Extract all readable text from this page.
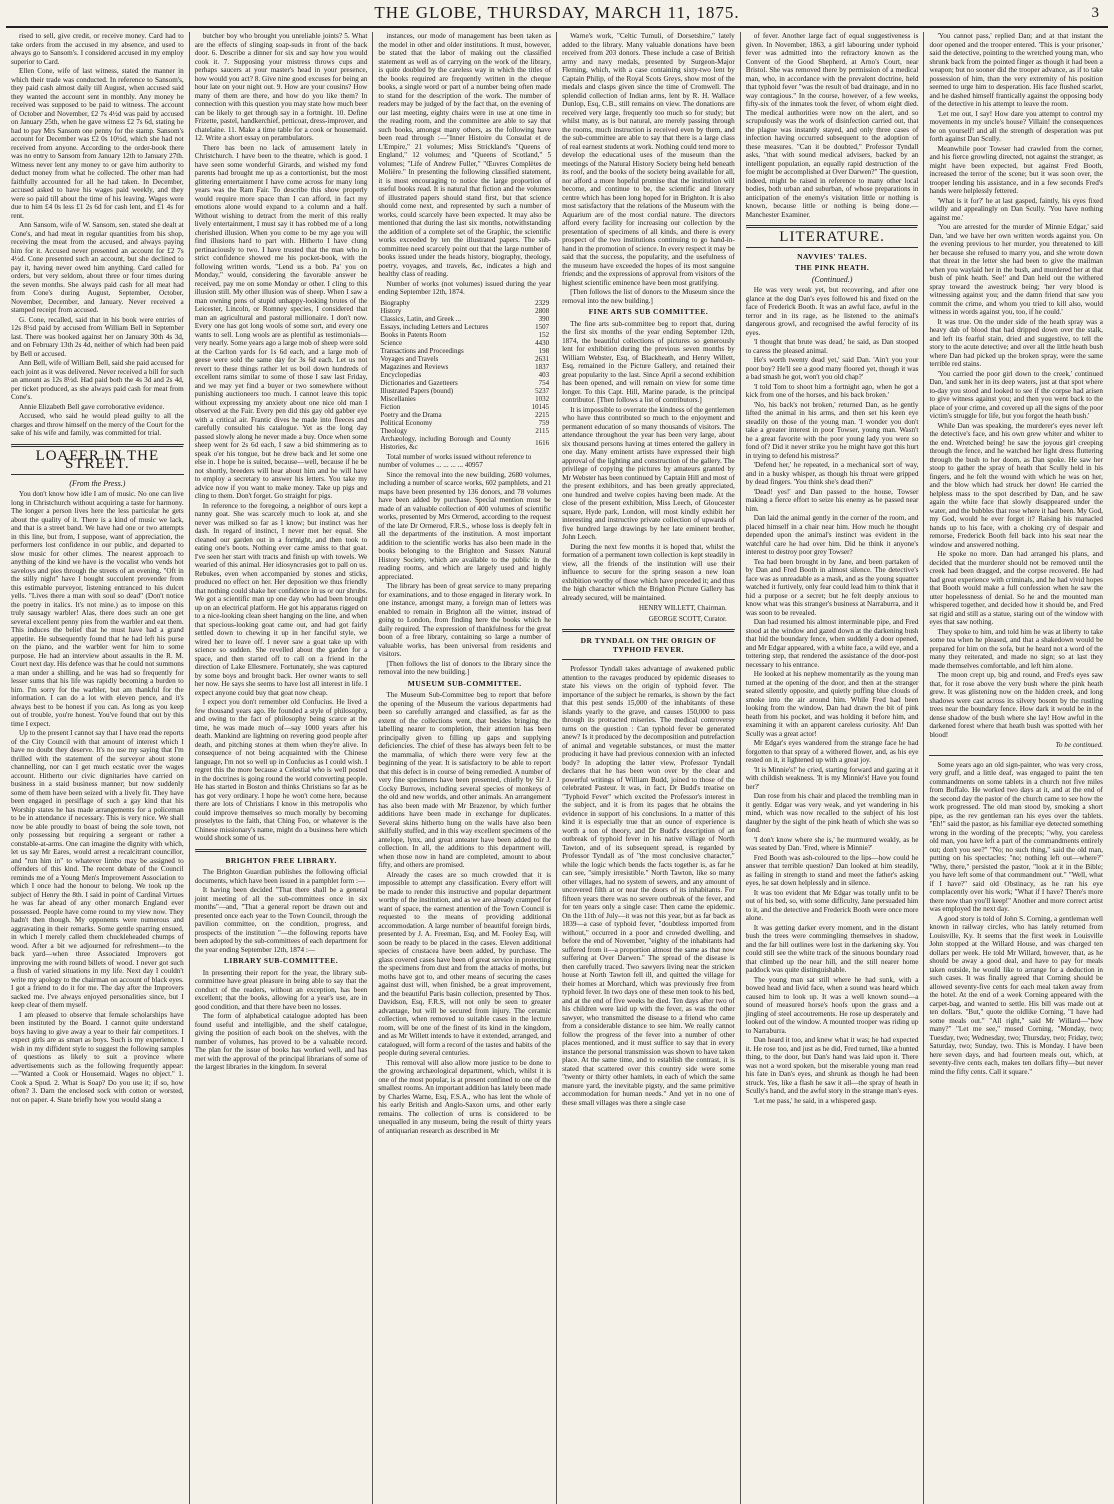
THE GLOBE, THURSDAY, MARCH 11, 1875.	3

rised to sell, give credit, or receive money. Card had to take orders from the accused in my absence, and used to always go to Sansom's. I considered accused in my employ superior to Card.

Ellen Cone, wife of last witness, stated the manner in which their trade was conducted. In reference to Sansom's, they paid cash almost daily till August, when accused said they wanted the account sent in monthly. Any money he received was supposed to be paid to witness. The account of October and November, £2 7s 4½d was paid by accused on January 25th, when he gave witness £2 7s 6d, stating he had to pay Mrs Sansom one penny for the stamp. Sansom's account for December was £2 0s 10½d, which she had not received from anyone. According to the order-book there was no entry to Sansom from January 12th to January 27th. Witness never lent any money to or gave him authority to deduct money from what he collected. The other man had faithfully accounted for all he had taken. In December, accused asked to have his wages paid weekly, and they were so paid till about the time of his leaving. Wages were due to him £4 0s less £1 2s 6d for cash lent, and £1 4s for rent.

Ann Sansom, wife of W. Sansom, sen. stated she dealt at Cone's, and had meat in regular quantities from his shop, receiving the meat from the accused, and always paying him for it. Accused never presented an account for £2 7s 4½d. Cone presented such an account, but she declined to pay it, having never owed him anything. Card called for orders, but very seldom, about three or four times during the seven months. She always paid cash for all meat had from Cone's during August, September, October, November, December, and January. Never received a stamped receipt from accused.

G. Cone, recalled, said that in his book were entries of 12s 8½d paid by accused from William Bell in September last. There was booked against her on January 30th 4s 3d, and on February 13th 2s 4d, neither of which had been paid by Bell or accused.

Ann Bell, wife of William Bell, said she paid accused for each joint as it was delivered. Never received a bill for such an amount as 12s 8½d. Had paid both the 4s 3d and 2s 4d, per ticket produced, as she always paid cash for meat from Cone's.

Annie Elizabeth Bell gave corroborative evidence.

Accused, who said he would plead guilty to all the charges and throw himself on the mercy of the Court for the sake of his wife and family, was committed for trial.

LOAFER IN THE STREET.
(From the Press.)

You don't know how idle I am of music. No one can live long in Christchurch without acquiring a taste for harmony. The longer a person lives here the less particular he gets about the quality of it. There is a kind of music we lack, and that is a street band. We have had one or two attempts in this line, but from, I suppose, want of appreciation, the performers lost confidence in our public, and departed to slow music for other climes. The nearest approach to anything of the kind we have is the vocalist who vends hot saveloys and pies through the streets of an evening. "Oft in the stilly night" have I bought succulent provender from this estimable purveyor, listening entranced to his dulcet yells. "Lives there a man with soul so dead" (Don't notice the poetry in italics. It's not mine.) as to impose on this truly sausagy warbler! Alas, there does such an one get several excellent penny pies from the warbler and eat them. This induces the belief that he must have had a grand appetite. He subsequently found that he had left his purse on the piano, and the warbler went for him to some purpose. He had an interview about assaults in the R. M. Court next day. His defence was that he could not summons a man under a shilling, and he was had so frequently for lesser sums that his life was rapidly becoming a burden to him. I'm sorry for the warbler, but am thankful for the information. I can do a lot with eleven pence, and it's always best to be honest if you can. As long as you keep out of trouble, you're honest. You've found that out by this time I expect.

Up to the present I cannot say that I have read the reports of the City Council with that amount of interest which I have no doubt they deserve. It's no use my saying that I'm thrilled with the statement of the surveyor about stone channelling, nor can I get much ecstatic over the wages account. Hitherto our civic dignitaries have carried on business in a staid business manner; but now suddenly some of them have been seized with a lively fit. They have been engaged in persiflage of such a gay kind that his Worship states he has made arrangements for a policeman to be in attendance if necessary. This is very nice. We shall now be able proudly to boast of being the sole town, not only possessing but requiring a sergeant or rather a constable-at-arms. One can imagine the dignity with which, let us say Mr Eares, would arrest a recalcitrant councillor, and "run him in" to whatever limbo may be assigned to offenders of this kind. The recent debate of the Council reminds me of a Young Men's Improvement Association to which I once had the honour to belong. We took up the subject of Henry the 8th. I said in point of Cardinal Virtues he was far ahead of any other monarch England ever possessed. People have come round to my view now. They hadn't then though. My opponents were numerous and aggravating in their remarks. Some gentle sparring ensued, in which I merely called them chuckleheaded chumps of wood. After a bit we adjourned for refreshment—to the back yard—when three Associated Improvers got improving me with round billets of wood. I never got such a flush of varied situations in my life. Next day I couldn't write my apology to the chairman on account of black eyes. I got a friend to do it for me. The day after the Improvers sacked me. I've always enjoyed personalities since, but I keep clear of them myself.

I am pleased to observe that female scholarships have been instituted by the Board. I cannot quite understand boys having to give away a year to their fair competitors. I expect girls are as smart as boys. Such is my experience. I wish in my diffident style to suggest the following samples of questions as likely to suit a province where advertisements such as the following frequently appear:—"Wanted a Cook or Housemaid. Wages no object." 1. Cook a Spud. 2. What is Soap? Do you use it; if so, how often? 3. Darn the enclosed sock with cotton or worsted, not on paper. 4. State briefly how you would slang a

butcher boy who brought you unreliable joints? 5. What are the effects of slinging soap-suds in front of the back door. 6. Describe a dinner for six and say how you would cook it. 7. Supposing your mistress throws cups and perhaps saucers at your master's head in your presence, how would you act? 8. Give nine good excuses for being an hour late on your night out. 9. How are your cousins? How many of them are there, and how do you like them? In connection with this question you may state how much beer can be likely to get through say in a fortnight. 10. Define Frizette, pastel, handkerchief, petticoat, dress-improver, and chatelaine. 11. Make a time table for a cook or housemaid. 12. Write a short essay on perambulators.

There has been no lack of amusement lately in Christchurch. I have been to the theatre, which is good. I have seen some wonderful Girards, and wished my fond parents had brought me up as a contortionist, but the most glittering entertainment I have come across for many long years was the Ram Fair. To describe this show properly would require more space than I can afford, in fact my emotions alone would expand to a column and a half. Without wishing to detract from the merit of this really lively entertainment, I must say it has robbed me of a long cherished illusion. When you come to be my age you will find illusions hard to part with. Hitherto I have clung pertinaciously to two. I have trusted that the man who in strict confidence showed me his pocket-book, with the following written words, "Lend us a bob. Pa' you on Monday," would, considering the favorable answer he received, pay me on some Monday or other. I cling to this illusion still. My other illusion was of sheep. When I saw a man owning pens of stupid unhappy-looking brutes of the Leicester, Lincoln, or Romney species, I considered that man an agricultural and pastoral millionaire. I don't now. Every one has got long wools of some sort, and every one wants to sell. Long wools are as plentiful as testimonials—very nearly. Some years ago a large mob of sheep were sold at the Carlton yards for 1s 6d each, and a large mob of geese were sold the same day for 3s 6d each. Let us not revert to these things rather let us boil down hundreds of excellent rams similar to some of those I saw last Friday, and we may yet find a buyer or two somewhere without punishing auctioneers too much. I cannot leave this topic without expressing my anxiety about one nice old man I observed at the Fair. Every pen did this gay old gabber eye with a critical air. Frantic dives he made into fleeces and carefully consulted his catalogue. Yet as the long day passed slowly along he never made a buy. Once when some sheep went for 2s 6d each, I saw a bid shimmering as to speak o'er his tongue, but he drew back and let some one else in. I hope he is suited, because—well, because if he be not shortly, breeders will hear about him and he will have to employ a secretary to answer his letters. You take my advice now if you want to make money. Take up pigs and cling to them. Don't forget. Go straight for pigs.

In reference to the foregoing, a neighbor of ours kept a nanny goat. She was scarcely much to look at, and she never was milked so far as I know; but instinct was her dash. In regard of instinct, I never met her equal. She cleaned our garden out in a fortnight, and then took to eating one's boots. Nothing ever came amiss to that goat. I've seen her start with tracts and finish up with towels. We wearied of this animal. Her idiosyncrasies got to pall on us. Rebukes, even when accompanied by stones and sticks, produced no effect on her. Her deposition we thus friendly that nothing could shake her confidence in us or our shrubs. We got a scientific man up one day who had been brought up on an electrical platform. He got his apparatus rigged on to a nice-looking clean sheet hanging on the line, and when that specious-looking goat came out, and had got fairly settled down to chewing it up in her fanciful style, we wired her to leave off. I never saw a goat take up with science so sudden. She revelled about the garden for a space, and then started off to call on a friend in the direction of Lake Ellesmere. Fortunately, she was captured by some boys and brought back. Her owner wants to sell her now. He says she seems to have lost all interest in life. I expect anyone could buy that goat now cheap.

I expect you don't remember old Confucius. He lived a few thousand years ago. He founded a style of philosophy, and owing to the fact of philosophy being scarce at the time, he was made much of—say 1000 years after his death. Mankind are lightning on revering good people after death, and pitching stones at them when they're alive. In consequence of not being acquainted with the Chinese language, I'm not so well up in Confucius as I could wish. I regret this the more because a Celestial who is well posted in the doctrines is going round the world converting people. He has started in Boston and thinks Christians so far as he has got very ordinary. I hope he won't come here, because there are lots of Christians I know in this metropolis who could improve themselves so much morally by becoming proselytes to the faith, that Ching Foo, or whatever is the Chinese missionary's name, might do a business here which would shock some of us.

BRIGHTON FREE LIBRARY.

The Brighton Guardian publishes the following official documents, which have been issued in a pamphlet form :—

It having been decided "That there shall be a general joint meeting of all the sub-committees once in six months"—and, "That a general report be drawn out and presented once each year to the Town Council, through the pavilion committee, on the condition, progress, and prospects of the institution "—the following reports have been adopted by the sub-committees of each department for the year ending September 12th, 1874 :—

LIBRARY SUB-COMMITTEE.

In presenting their report for the year, the library sub-committee have great pleasure in being able to say that the conduct of the readers, without an exception, has been excellent; that the books, allowing for a year's use, are in good condition, and that there have been no losses.

The form of alphabetical catalogue adopted has been found useful and intelligible, and the shelf catalogue, giving the position of each book on the shelves, with the number of volumes, has proved to be a valuable record. The plan for the issue of books has worked well, and has met with the approval of the principal librarians of some of the largest libraries in the kingdom. In several

instances, our mode of management has been taken as the model in other and older institutions. It must, however, be stated that the labor of making out the classified statement as well as of carrying on the work of the library, is quite doubled by the careless way in which the titles of the books required are frequently written in the cheque books, a single word or part of a number being often made to stand for the description of the work. The number of readers may be judged of by the fact that, on the evening of our last meeting, eighty chairs were in use at one time in the reading room, and the committee are able to say that such books, amongst many others, as the following have been read through :—"Inner Histoire du Consulat et de L'Empire," 21 volumes; Miss Strickland's "Queens of England," 12 volumes; and "Queens of Scotland," 5 volumes; "Life of Andrew Fuller," "Œuvres Complètes de Molière." In presenting the following classified statement, it is most encouraging to notice the large proportion of useful books read. It is natural that fiction and the volumes of illustrated papers should stand first, but that science should come next, and represented by such a number of works, could scarcely have been expected. It may also be mentioned that during the last six months, notwithstanding the addition of a complete set of the Graphic, the scientific works exceeded by ten the illustrated papers. The sub-committee need scarcely point out that the large number of books issued under the heads history, biography, theology, poetry, voyages, and travels, &c, indicates a high and healthy class of reading.

Number of works (not volumes) issued during the year ending September 12th, 1874.

Biography	2329
History	2808
Classics, Latin, and Greek ...	390
Essays, including Letters and Lectures	1507
Books in Patents Room	152
Science	4430
Transactions and Proceedings	198
Voyages and Travels	2631
Magazines and Reviews	1837
Encyclopedias	403
Dictionaries and Gazetteers	754
Illustrated Papers (bound)	5237
Miscellanies	1032
Fiction	10145
Poetry and the Drama	2215
Political Economy	759
Theology	2115
Archæology, including Borough and County Histories, &c	1616

Total number of works issued without reference to number of volumes ... ... ... ... 40957

Since the removal into the new building, 2680 volumes, including a number of scarce works, 602 pamphlets, and 21 maps have been presented by 136 donors, and 78 volumes have been added by purchase. Special mention must be made of an valuable collection of 400 volumes of scientific works, presented by Mrs Ormerod, according to the request of the late Dr Ormerod, F.R.S., whose loss is deeply felt in all the departments of the institution. A most important addition to the scientific works has also been made in the books belonging to the Brighton and Sussex Natural History Society, which are available to the public in the reading rooms, and which are largely used and highly appreciated.

The library has been of great service to many preparing for examinations, and to those engaged in literary work. In one instance, amongst many, a foreign man of letters was enabled to remain in Brighton all the winter, instead of going to London, from finding here the books which he daily required. The expression of thankfulness for the great boon of a free library, containing so large a number of valuable works, has been universal from residents and visitors.

[Then follows the list of donors to the library since the removal into the new building.]

MUSEUM SUB-COMMITTEE.

The Museum Sub-Committee beg to report that before the opening of the Museum the various departments had been so carefully arranged and classified, as far as the extent of the collections went, that besides bringing the labelling nearer to completion, their attention has been principally given to filling up gaps and supplying deficiencies. The chief of these has always been felt to be the mammalia, of which there were very few at the beginning of the year. It is satisfactory to be able to report that this defect is in course of being remedied. A number of very fine specimens have been presented, chiefly by Sir J. Cocky Burrows, including several species of monkeys of the old and new worlds, and other animals. An arrangement has also been made with Mr Brazenor, by which further additions have been made in exchange for duplicates. Several skins hitherto hung on the walls have also been skilfully stuffed, and in this way excellent specimens of the antelope, lynx, and great anteater have been added to the collection. In all, the additions to this department will, when those now in hand are completed, amount to about fifty, and others are promised.

Already the cases are so much crowded that it is impossible to attempt any classification. Every effort will be made to render this instructive and popular department worthy of the institution, and as we are already cramped for want of space, the earnest attention of the Town Council is requested to the means of providing additional accommodation. A large number of beautiful foreign birds, presented by J. A. Freeman, Esq, and M. Fooley Esq, will soon be ready to be placed in the cases. Eleven additional species of crustacea have been added, by purchase. The glass covered cases have been of great service in protecting the specimens from dust and from the attacks of moths, but moths have got to, and other means of securing the cases against dust will, when finished, be a great improvement, and the beautiful Paris basin collection, presented by Thos. Davidson, Esq, F.R.S, will not only be seen to greater advantage, but will be secured from injury. The ceramic collection, when removed to suitable cases in the lecture room, will be one of the finest of its kind in the kingdom, and as Mr Willett intends to have it extended, arranged, and catalogued, will form a record of the tastes and habits of the people during several centuries.

This removal will also allow more justice to be done to the growing archæological department, which, whilst it is one of the most popular, is at present confined to one of the smallest rooms. An important addition has lately been made by Charles Warne, Esq, F.S.A., who has lent the whole of his early British and Anglo-Saxon urns, and other early remains. The collection of urns is considered to be unequalled in any museum, being the result of thirty years of antiquarian research as described in Mr

Warne's work, "Celtic Tumuli, of Dorsetshire," lately added to the library. Many valuable donations have been received from 203 donors. These include a case of British army and navy medals, presented by Surgeon-Major Fleming, which, with a case containing sixty-two lent by Captain Philip, of the Royal Scots Greys, show most of the medals and clasps given since the time of Cromwell. The splendid collection of Indian arms, lent by R. H. Wallace Dunlop, Esq, C.B., still remains on view. The donations are received very large, frequently too much so for study; but whilst many, as is but natural, are merely passing through the rooms, much instruction is received even by them, and the sub-committee are able to say that there is a large class of real earnest students at work. Nothing could tend more to develop the educational uses of the museum than the meetings of the Natural History Society being held beneath its roof, and the books of the society being available for all, nor afford a more hopeful promise that the institution will become, and continue to be, the scientific and literary centre which has been long hoped for in Brighton. It is also most satisfactory that the relations of the Museum with the Aquarium are of the most cordial nature. The directors afford every facility for increasing our collection by the presentation of specimens of all kinds, and there is every prospect of the two institutions continuing to go hand-in-hand in the promotion of science. In every respect it may be said that the success, the popularity, and the usefulness of the museum have exceeded the hopes of its most sanguine friends; and the expressions of approval from visitors of the highest scientific eminence have been most gratifying.

[Then follows the list of donors to the Museum since the removal into the new building.]

FINE ARTS SUB COMMITTEE.

The fine arts sub-committee beg to report that, during the first six months of the year ending September 12th, 1874, the beautiful collections of pictures so generously lent for exhibition during the previous seven months by William Webster, Esq, of Blackheath, and Henry Willett, Esq, remained in the Picture Gallery, and retained their great popularity to the last. Since April a second exhibition has been opened, and will remain on view for some time longer. To this Capt. Hill, Marine parade, is the principal contributor. [Then follows a list of contributors.]

It is impossible to overrate the kindness of the gentlemen who have thus contributed so much to the enjoyment and permanent education of so many thousands of visitors. The attendance throughout the year has been very large, about six thousand persons having at times entered the gallery in one day. Many eminent artists have expressed their high approval of the lighting and construction of the gallery. The privilege of copying the pictures by amateurs granted by Mr Webster has been continued by Captain Hill and most of the present exhibitors, and has been greatly appreciated, one hundred and twelve copies having been made. At the close of the present exhibition, Miss Leech, of Gloucester square, Hyde park, London, will most kindly exhibit her interesting and instructive private collection of upwards of five hundred large drawings by her late eminent brother, John Leech.

During the next few months it is hoped that, whilst the formation of a permanent town collection is kept steadily in view, all the friends of the institution will use their influence to secure for the spring season a new loan exhibition worthy of those which have preceded it; and thus the high character which the Brighton Picture Gallery has already secured, will be maintained.

HENRY WILLETT, Chairman.
GEORGE SCOTT, Curator.
DR TYNDALL ON THE ORIGIN OF TYPHOID FEVER.

Professor Tyndall takes advantage of awakened public attention to the ravages produced by epidemic diseases to state his views on the origin of typhoid fever. The importance of the subject he remarks, is shown by the fact that this pest sends 15,000 of the inhabitants of these islands yearly to the grave, and causes 150,000 to pass through its protracted miseries. The medical controversy turns on the question : Can typhoid fever be generated anew? Is it produced by the decomposition and putrefaction of animal and vegetable substances, or must the matter producing it have had previous connexion with an infected body? In adopting the latter view, Professor Tyndall declares that he has been won over by the clear and powerful writings of William Budd, joined to those of the celebrated Pasteur. It was, in fact, Dr Budd's treatise on "Typhoid Fever" which excited the Professor's interest in the subject, and it is from its pages that he obtains the evidence in support of his conclusions. In a matter of this kind it is especially true that an ounce of experience is worth a ton of theory, and Dr Budd's description of an outbreak of typhoid fever in his native village of North Tawton, and of its subsequent spread, is regarded by Professor Tyndall as of "the most conclusive character," while the logic which bends the facts together is, as far he can see, "simply irresistible." North Tawton, like so many other villages, had no system of sewers, and any amount of uncovered filth at or near the doors of its inhabitants. For fifteen years there was no severe outbreak of the fever, and for ten years only a single case: Then came the epidemic. On the 11th of July—it was not this year, but as far back as 1839—a case of typhoid fever, "doubtless imported from without," occurred in a poor and crowded dwelling, and before the end of November, "eighty of the inhabitants had suffered from it—a proportion almost the same as that now suffering at Over Darwen." The spread of the disease is then carefully traced. Two sawyers living near the stricken house at North Tawton fell ill, and quitted the village for their homes at Morchard, which was previously free from typhoid fever. In two days one of these men took to his bed, and at the end of five weeks he died. Ten days after two of his children were laid up with the fever, as was the other sawyer, who transmitted the disease to a friend who came from a considerable distance to see him. We really cannot follow the progress of the fever into a number of other places mentioned, and it must suffice to say that in every instance the personal transmission was shown to have taken place. At the same time, and to establish the contrast, it is stated that scattered over this country side were some "twenty or thirty other hamlets, in each of which the same manure yard, the inevitable pigsty, and the same primitive accommodation for human needs." And yet in no one of these small villages was there a single case

of fever. Another large fact of equal suggestiveness is given. In November, 1863, a girl labouring under typhoid fever was admitted into the refractory known as the Convent of the Good Shepherd, at Arno's Court, near Bristol. She was removed there by permission of a medical man, who, in accordance with the prevalent doctrine, held that typhoid fever "was the result of bad drainage, and in no way contagious." In the course, however, of a few weeks, fifty-six of the inmates took the fever, of whom eight died. The medical authorities were now on the alert, and so scrupulously was the work of disinfection carried out, that the plague was instantly stayed, and only three cases of infection having occurred subsequent to the adoption of these measures. "Can it be doubted," Professor Tyndall asks, "that with sound medical advisers, backed by an intelligent population, an equally rapid destruction of the foe might be accomplished at Over Darwen?" The question, indeed, might be raised in reference to many other local bodies, both urban and suburban, of whose preparations in anticipation of the enemy's visitation little or nothing is known, because little or nothing is being done.—Manchester Examiner.

LITERATURE.
NAVVIES' TALES.
THE PINK HEATH.
(Continued.)

He was very weak yet, but recovering, and after one glance at the dog Dan's eyes followed his and fixed on the face of Frederick Booth. It was an awful face, awful in the terror and in its rage, as he listened to the animal's dangerous growl, and recognised the awful ferocity of its eyes.

'I thought that brute was dead,' he said, as Dan stooped to caress the pleased animal.

He's worth twenty dead yet,' said Dan. 'Ain't you your poor boy? He'll see a good many floored yet, though it was a bad smash he got, won't you old chap?'

'I told Tom to shoot him a fortnight ago, when he got a kick from one of the horses, and his back broken.'

'No, his back's not broken,' returned Dan, as he gently lifted the animal in his arms, and then set his keen eye steadily on those of the young man. 'I wonder you don't take a greater interest in poor Towser, young man. Wasn't he a great favorite with the poor young lady you were so fond of? Did it never strike you he might have got this hurt in trying to defend his mistress?'

'Defend her,' he repeated, in a mechanical sort of way, and in a husky whisper, as though his throat were gripped by dead fingers. 'You think she's dead then?'

'Dead! yes!' and Dan passed to the house, Towser making a fierce effort to seize his enemy as he passed near him.

Dan laid the animal gently in the corner of the room, and placed himself in a chair near him. How much he thought depended upon the animal's instinct was evident in the watchful care he had over him. Did he think it anyone's interest to destroy poor grey Towser?

Tea had been brought in by Jane, and been partaken of by Dan and Fred Booth in almost silence. The detective's face was as unreadable as a mask, and as the young squatter watched it furtively, only fear could lead him to think that it hid a purpose or a secret; but he felt deeply anxious to know what was this stranger's business at Narraburra, and it was soon to be revealed.

Dan had resumed his almost interminable pipe, and Fred stood at the window and gazed down at the darkening bush that hid the boundary fence, when suddenly a door opened, and Mr Edgar appeared, with a white face, a wild eye, and a tottering step, that rendered the assistance of the door-post necessary to his entrance.

He looked at his nephew momentarily as the young man turned at the opening of the door, and then at the stranger seated silently opposite, and quietly puffing blue clouds of smoke into the air around him. While Fred had been looking from the window, Dan had drawn the bit of pink heath from his pocket, and was holding it before him, and examining it with an apparent careless curiosity. Ah! Dan Scully was a great actor!

Mr Edgar's eyes wandered from the strange face he had forgotten to that spray of a withered flower, and, as his eye rested on it, it lightened up with a great joy.

'It is Minnie's!' he cried, starting forward and gazing at it with childish weakness. 'It is my Minnie's! Have you found her?'

Dan rose from his chair and placed the trembling man in it gently. Edgar was very weak, and yet wandering in his mind, which was now recalled to the subject of his lost daughter by the sight of the pink heath of which she was so fond.

'I don't know where she is,' he murmured weakly, as he was seated by Dan. 'Fred, where is Minnie?'

Fred Booth was ash-coloured to the lips—how could he answer that terrible question? Dan looked at him steadily, as failing in strength to stand and meet the father's asking eyes, he sat down helplessly and in silence.

It was too evident that Mr Edgar was totally unfit to be out of his bed, so, with some difficulty, Jane persuaded him to it, and the detective and Frederick Booth were once more alone.

It was getting darker every moment, and in the distant bush the trees were commingling themselves in shadow, and the far hill outlines were lost in the darkening sky. You could still see the white track of the sinuous boundary road that climbed up the near hill, and the still nearer home paddock was quite distinguishable.

The young man sat still where he had sunk, with a bowed head and livid face, when a sound was heard which caused him to look up. It was a well known sound—a sound of measured horse's hoofs upon the grass and a jingling of steel accoutrements. He rose up desperately and looked out of the window. A mounted trooper was riding up to Narraburra.

Dan heard it too, and knew what it was; he had expected it. He rose too, and just as he did, Fred turned, like a hunted thing, to the door, but Dan's hand was laid upon it. There was not a word spoken, but the miserable young man read his fate in Dan's eyes, and shrunk as though he had been struck. Yes, like a flash he saw it all—the spray of heath in Scully's hand, and the awful story in the strange man's eyes.

'Let me pass,' he said, in a whispered gasp.

'You cannot pass,' replied Dan; and at that instant the door opened and the trooper entered. 'This is your prisoner,' said the detective, pointing to the wretched young man, who shrunk back from the pointed finger as though it had been a weapon; but no sooner did the trooper advance, as if to take possession of him, than the very extremity of his position seemed to urge him to desperation. His face flushed scarlet, and he dashed himself frantically against the opposing body of the detective in his attempt to leave the room.

'Let me out, I say! How dare you attempt to control my movements in my uncle's house? Villain! the consequences be on yourself! and all the strength of desperation was put forth against Dan Scully.

Meanwhile poor Towser had crawled from the corner, and his fierce growling directed, not against the stranger, as might have been expected, but against Fred Booth, increased the terror of the scene; but it was soon over, the trooper lending his assistance, and in a few seconds Fred's hands were helplessly fettered.

'What is it for?' he at last gasped, faintly, his eyes fixed wildly and appealingly on Dan Scully. 'You have nothing against me.'

'You are arrested for the murder of Minnie Edgar,' said Dan, 'and we have her own written words against you. On the evening previous to her murder, you threatened to kill her because she refused to marry you, and she wrote down that threat in the letter she had been to give the mailman when you waylaid her in the bush, and murdered her at that bush of pink heath. See!' and Dan held out the withered spray toward the awestruck being; 'her very blood is witnessing against you; and the damn friend that saw you commit the crime, and whom you tried to kill also, would witness in words against you, too, if he could.'

It was true. On the under side of the heath spray was a heavy dab of blood that had dripped down over the stalk, and left its fearful stain, dried and suggestive, to tell the story to the acute detective; and over all the little heath bush where Dan had picked up the broken spray, were the same terrible red stains.

'You carried the poor girl down to the creek,' continued Dan, 'and sunk her in its deep waters, just at that spot where to-day you stood and looked to see if the corpse had arisen to give witness against you; and then you went back to the place of your crime, and covered up all the signs of the poor victim's struggle for life, but you forgot the heath bush.'

While Dan was speaking, the murderer's eyes never left the detective's face, and his own grew whiter and whiter to the end. Wretched being! he saw the joyous girl creeping through the fence, and he watched her light dress fluttering through the bush to her doom, as Dan spoke. He saw her stoop to gather the spray of heath that Scully held in his fingers, and he felt the wound with which he was on her, and the blow which had struck her down! He carried the helpless mass to the spot described by Dan, and he saw again the white face that slowly disappeared under the water, and the bubbles that rose where it had been. My God, my God, would he ever forget it? Raising his manacled hands up to his face, with a choking cry of despair and remorse, Frederick Booth fell back into his seat near the window and answered nothing.

He spoke no more. Dan had arranged his plans, and decided that the murderer should not be removed until the creek had been dragged, and the corpse recovered. He had had great experience with criminals, and he had vivid hopes that Booth would make a full confession when he saw the utter hopelessness of denial. So he and the mounted man whispered together, and decided how it should be, and Fred sat rigid and still as a statue, staring out of the window with eyes that saw nothing.

They spoke to him, and told him he was at liberty to take some tea when he pleased, and that a shakedown would be prepared for him on the sofa, but he heard not a word of the many they reiterated, and made no sign; so at last they made themselves comfortable, and left him alone.

The moon crept up, big and round, and Fred's eyes saw that, for it rose above the very bush where the pink heath grew. It was glistening now on the hidden creek, and long shadows were cast across its silvery bosom by the rustling trees near the boundary fence. How dark it would be in the dense shadow of the bush where she lay! How awful in the darkened forest where that heath bush was spotted with her blood!

To be continued.

Some years ago an old sign-painter, who was very cross, very gruff, and a little deaf, was engaged to paint the ten commandments on some tablets in a church not five miles from Buffalo. He worked two days at it, and at the end of the second day the pastor of the church came to see how the work progressed. The old man stood by, smoking a short pipe, as the rev gentleman ran his eyes over the tablets. "Eh!" said the pastor, as his familiar eye detected something wrong in the wording of the precepts; "why, you careless old man, you have left a part of the commandments entirely out; don't you see?" "No; no such thing," said the old man, putting on his spectacles; "no; nothing left out—where?" "Why, there," persisted the pastor, "look at it in the Bible; you have left some of that commandment out." "Well, what if I have?" said old Obstinacy, as he ran his eye complacently over his work; "What if I have? There's more there now than you'll keep!" Another and more correct artist was employed the next day.

A good story is told of John S. Corning, a gentleman well known in railway circles, who has lately returned from Louisville, Ky. It seems that the first week in Louisville John stopped at the Willard House, and was charged ten dollars per week. He told Mr Willard, however, that, as he should be away a good deal, and have to pay for meals taken outside, he would like to arrange for a deduction in such cases. It was finally agreed that Corning should be allowed seventy-five cents for each meal taken away from the hotel. At the end of a week Corning appeared with the carpet-bag, and wanted to settle. His bill was made out at ten dollars. "But," quote the oldlike Corning, "I have had some meals out." "All right," said Mr Willard—"how many?" "Let me see," mused Corning, "Monday, two; Tuesday, two; Wednesday, two; Thursday, two; Friday, two; Saturday, two; Sunday, two. This is Monday. I have been here seven days, and had fourteen meals out, which, at seventy-five cents each, makes ten dollars fifty—but never mind the fifty cents. Call it square."
